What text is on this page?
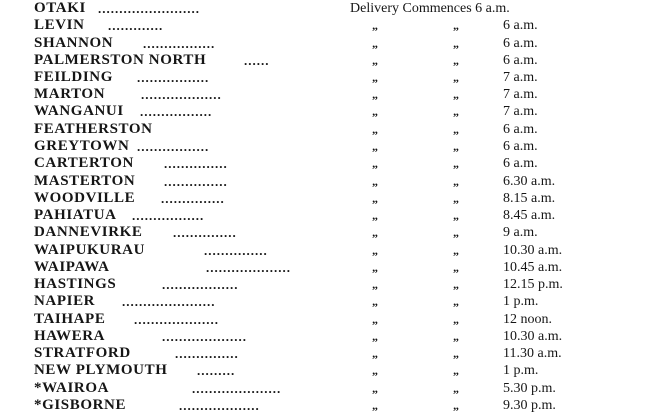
OTAKI ........................	Delivery Commences 6 a.m.
LEVIN .............	„	„	6 a.m.
SHANNON .................	„	„	6 a.m.
PALMERSTON NORTH	......	„	„	6 a.m.
FEILDING .................	„	„	7 a.m.
MARTON	...................	„	„	7 a.m.
WANGANUI .................	„	„	7 a.m.
FEATHERSTON	„	„	6 a.m.
GREYTOWN .................	„	„	6 a.m.
CARTERTON ...............	„	„	6 a.m.
MASTERTON ...............	„	„	6.30 a.m.
WOODVILLE ...............	„	„	8.15 a.m.
PAHIATUA .................	„	„	8.45 a.m.
DANNEVIRKE ...............	„	„	9 a.m.
WAIPUKURAU	...............	„	„	10.30 a.m.
WAIPAWA	....................	„	„	10.45 a.m.
HASTINGS	..................	„	„	12.15 p.m.
NAPIER ......................	„	„	1 p.m.
TAIHAPE ....................	„	„	12 noon.
HAWERA	....................	„	„	10.30 a.m.
STRATFORD	...............	„	„	11.30 a.m.
NEW PLYMOUTH .........	„	„	1 p.m.
*WAIROA	.....................	„	„	5.30 p.m.
*GISBORNE	...................	„	„	9.30 p.m.
